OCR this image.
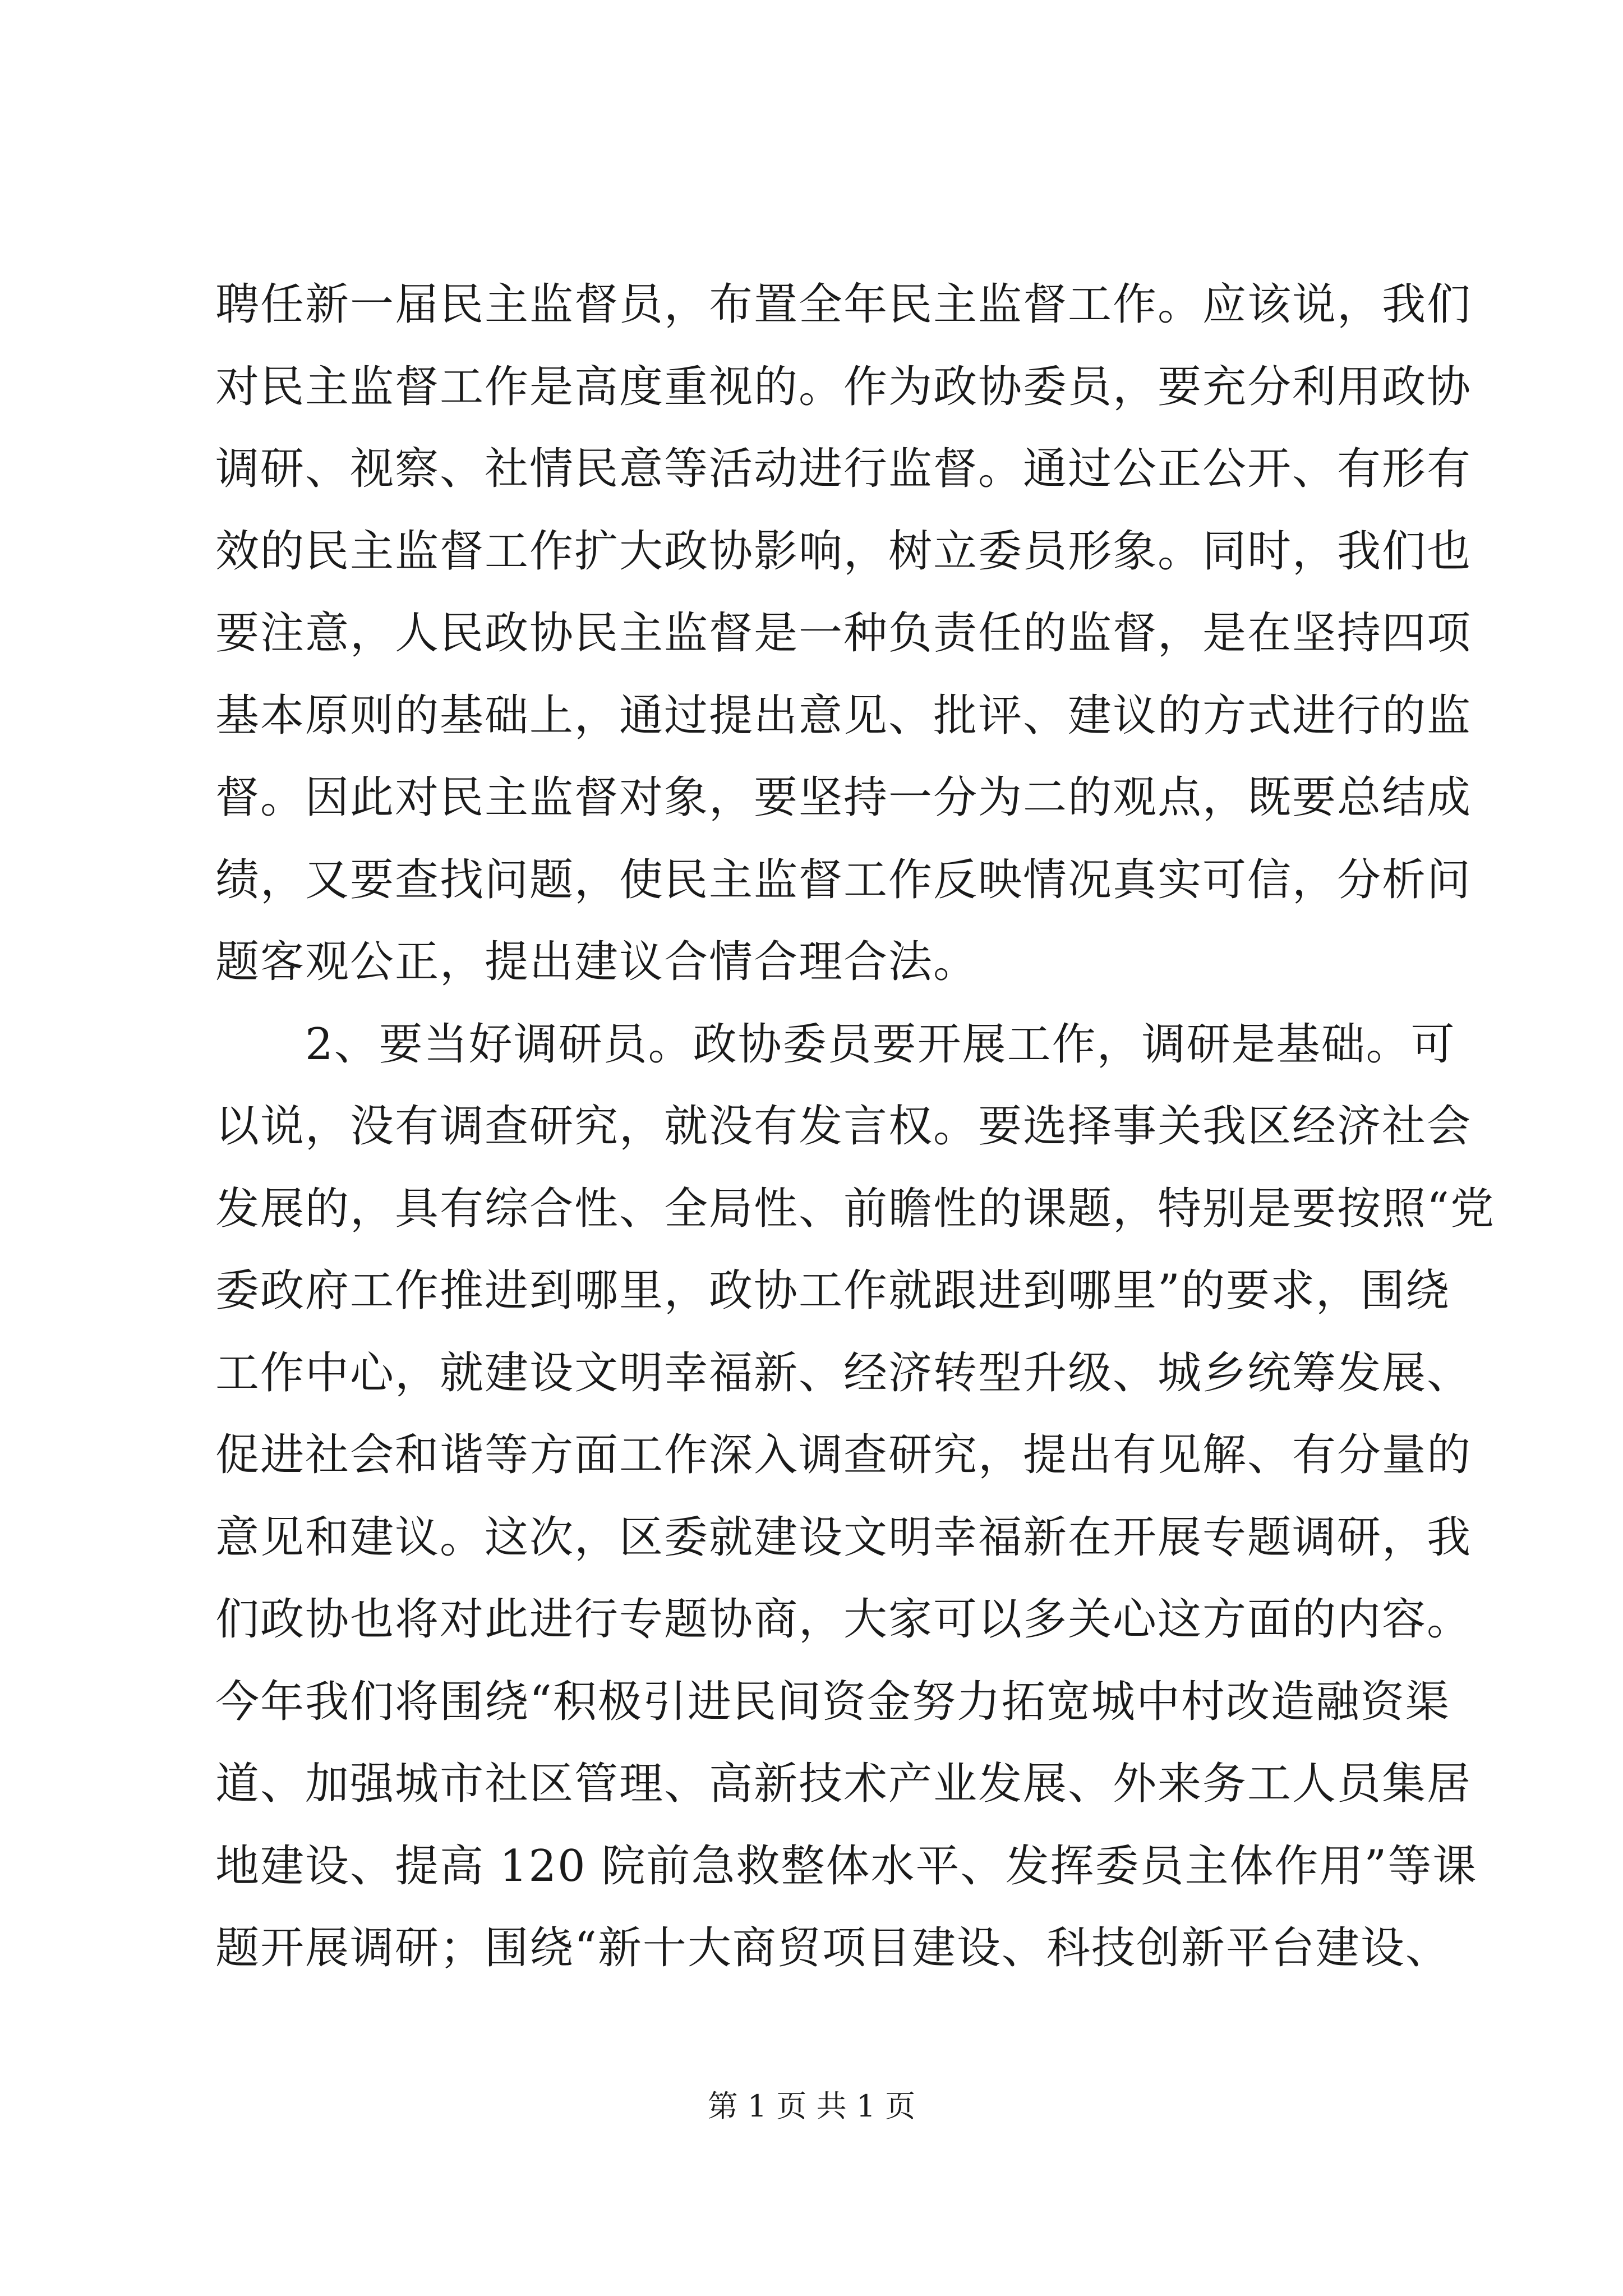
聘任新一届民主监督员，布置全年民主监督工作。应该说，我们
对民主监督工作是高度重视的。作为政协委员，要充分利用政协
调研、视察、社情民意等活动进行监督。通过公正公开、有形有
效的民主监督工作扩大政协影响，树立委员形象。同时，我们也
要注意，人民政协民主监督是一种负责任的监督，是在坚持四项
基本原则的基础上，通过提出意见、批评、建议的方式进行的监
督。因此对民主监督对象，要坚持一分为二的观点，既要总结成
绩，又要查找问题，使民主监督工作反映情况真实可信，分析问
题客观公正，提出建议合情合理合法。
　　2、要当好调研员。政协委员要开展工作，调研是基础。可
以说，没有调查研究，就没有发言权。要选择事关我区经济社会
发展的，具有综合性、全局性、前瞻性的课题，特别是要按照“党
委政府工作推进到哪里，政协工作就跟进到哪里”的要求，围绕
工作中心，就建设文明幸福新、经济转型升级、城乡统筹发展、
促进社会和谐等方面工作深入调查研究，提出有见解、有分量的
意见和建议。这次，区委就建设文明幸福新在开展专题调研，我
们政协也将对此进行专题协商，大家可以多关心这方面的内容。
今年我们将围绕“积极引进民间资金努力拓宽城中村改造融资渠
道、加强城市社区管理、高新技术产业发展、外来务工人员集居
地建设、提高 120 院前急救整体水平、发挥委员主体作用”等课
题开展调研；围绕“新十大商贸项目建设、科技创新平台建设、
第 1 页 共 1 页
